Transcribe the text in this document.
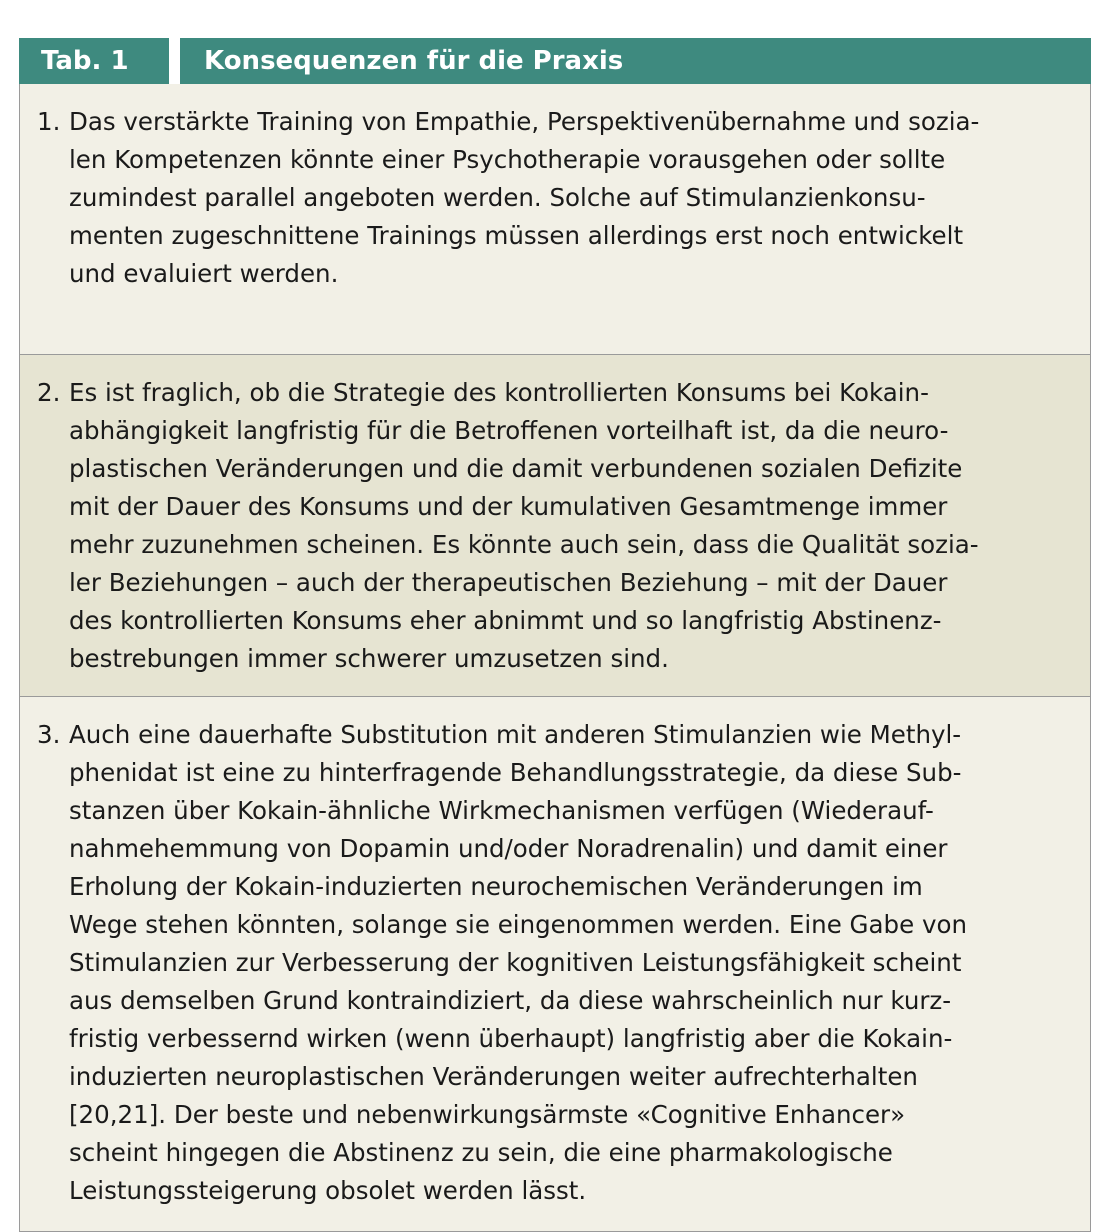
Tab. 1	Konsequenzen für die Praxis
1. Das verstärkte Training von Empathie, Perspektivenübernahme und sozia-
len Kompetenzen könnte einer Psychotherapie vorausgehen oder sollte
zumindest parallel angeboten werden. Solche auf Stimulanzienkonsu-
menten zugeschnittene Trainings müssen allerdings erst noch entwickelt
und evaluiert werden.
2. Es ist fraglich, ob die Strategie des kontrollierten Konsums bei Kokain-
abhängigkeit langfristig für die Betroffenen vorteilhaft ist, da die neuro-
plastischen Veränderungen und die damit verbundenen sozialen Defizite
mit der Dauer des Konsums und der kumulativen Gesamtmenge immer
mehr zuzunehmen scheinen. Es könnte auch sein, dass die Qualität sozia-
ler Beziehungen – auch der therapeutischen Beziehung – mit der Dauer
des kontrollierten Konsums eher abnimmt und so langfristig Abstinenz-
bestrebungen immer schwerer umzusetzen sind.
3. Auch eine dauerhafte Substitution mit anderen Stimulanzien wie Methyl-
phenidat ist eine zu hinterfragende Behandlungsstrategie, da diese Sub-
stanzen über Kokain-ähnliche Wirkmechanismen verfügen (Wiederauf-
nahmehemmung von Dopamin und/oder Noradrenalin) und damit einer
Erholung der Kokain-induzierten neurochemischen Veränderungen im
Wege stehen könnten, solange sie eingenommen werden. Eine Gabe von
Stimulanzien zur Verbesserung der kognitiven Leistungsfähigkeit scheint
aus demselben Grund kontraindiziert, da diese wahrscheinlich nur kurz-
fristig verbessernd wirken (wenn überhaupt) langfristig aber die Kokain-
induzierten neuroplastischen Veränderungen weiter aufrechterhalten
[20,21]. Der beste und nebenwirkungsärmste «Cognitive Enhancer»
scheint hingegen die Abstinenz zu sein, die eine pharmakologische
Leistungssteigerung obsolet werden lässt.
